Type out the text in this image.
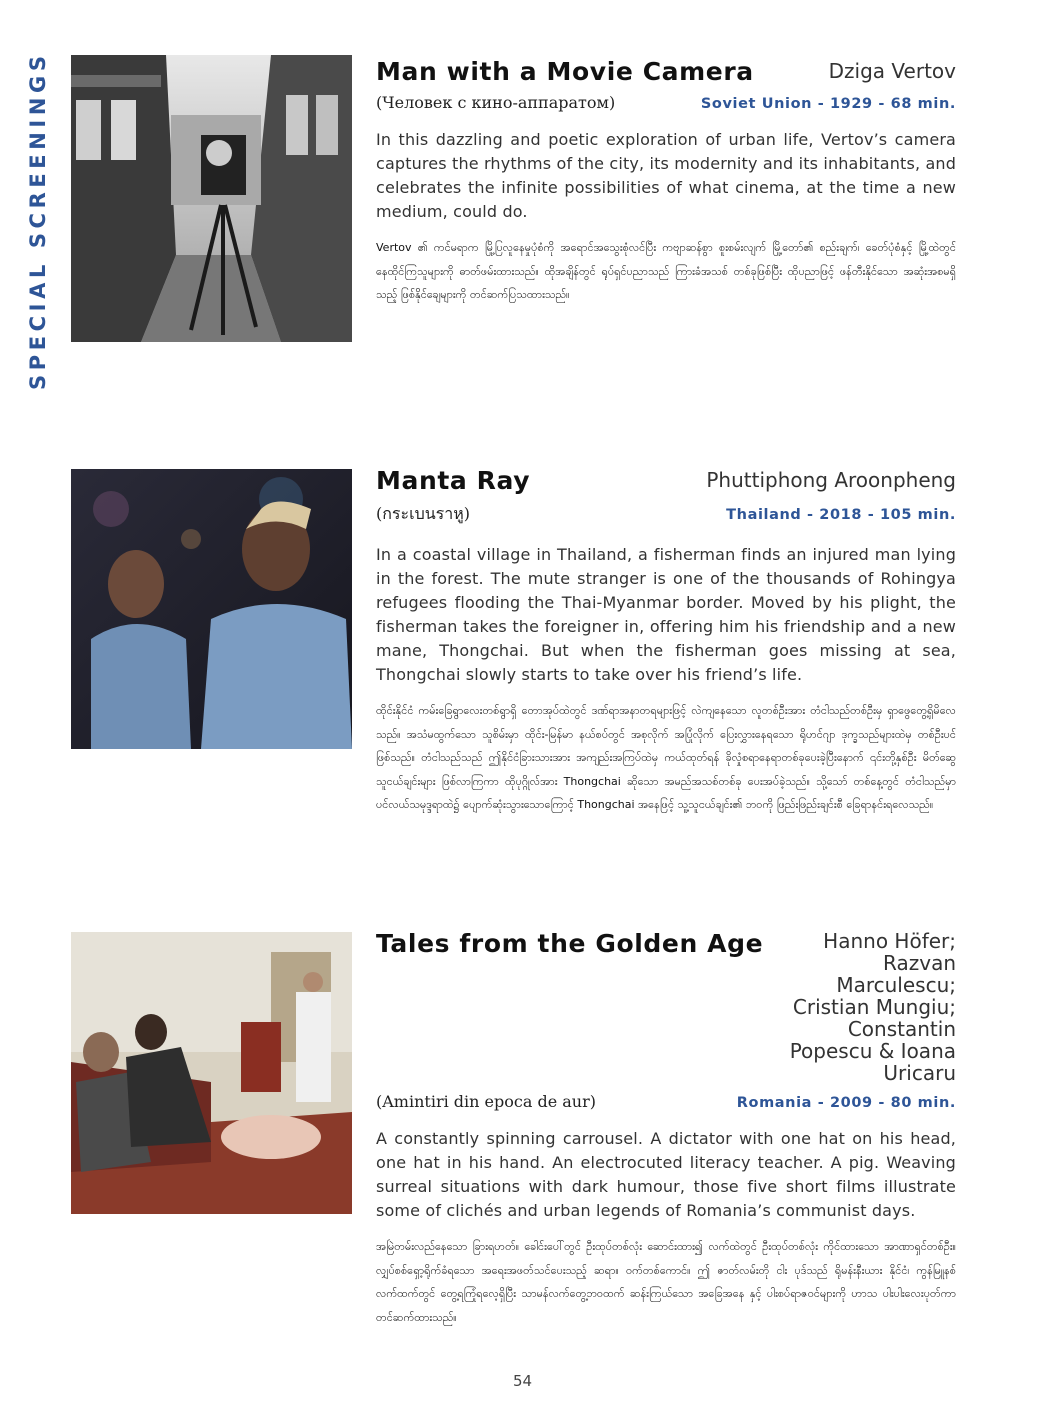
SPECIAL SCREENINGS	Man with a Movie Camera	Dziga Vertov
(Человек с кино-аппаратом)	Soviet Union - 1929 - 68 min.
In this dazzling and poetic exploration of urban life, Vertov’s camera captures the rhythms of the city, its modernity and its inhabitants, and celebrates the infinite possibilities of what cinema, at the time a new medium, could do.
Vertov ၏ ကင်မရာက မြို့ပြလူနေမှုပုံစံကို အရောင်အသွေးစုံလင်ပြီး ကဗျာဆန်စွာ စူးစမ်းလျက် မြို့တော်၏ စည်းချက်၊ ခေတ်ပုံစံနှင့် မြို့ထဲတွင် နေထိုင်ကြသူများကို ဓာတ်ဖမ်းထားသည်။ ထိုအချိန်တွင် ရုပ်ရှင်ပညာသည် ကြားခံအသစ် တစ်ခုဖြစ်ပြီး ထိုပညာဖြင့် ဖန်တီးနိုင်သော အဆုံးအစမရှိသည့် ဖြစ်နိုင်ချေများကို တင်ဆက်ပြသထားသည်။
Manta Ray	Phuttiphong Aroonpheng
(กระเบนราหู)	Thailand - 2018 - 105 min.
In a coastal village in Thailand, a fisherman finds an injured man lying in the forest. The mute stranger is one of the thousands of Rohingya refugees flooding the Thai-Myanmar border. Moved by his plight, the fisherman takes the foreigner in, offering him his friendship and a new mane, Thongchai. But when the fisherman goes missing at sea, Thongchai slowly starts to take over his friend’s life.
ထိုင်းနိုင်ငံ ကမ်းခြေရွာလေးတစ်ရွာရှိ တောအုပ်ထဲတွင် ဒဏ်ရာအနာတရများဖြင့် လဲကျနေသော လူတစ်ဦးအား တံငါသည်တစ်ဦးမှ ရှာဖွေတွေ့ရှိမိလေသည်။ အသံမထွက်သော သူစိမ်းမှာ ထိုင်း-မြန်မာ နယ်စပ်တွင် အစုလိုက် အပြုံလိုက် ပြေးလွှားနေရသော ရိုဟင်ဂျာ ဒုက္ခသည်များထဲမှ တစ်ဦးပင်ဖြစ်သည်။ တံငါသည်သည် ဤနိုင်ငံခြားသားအား အကျည်းအကြပ်ထဲမှ ကယ်ထုတ်ရန် ခိုလှုံစရာနေရာတစ်ခုပေးခဲ့ပြီးနောက် ၎င်းတို့နှစ်ဦး မိတ်ဆွေသူငယ်ချင်းများ ဖြစ်လာကြကာ ထိုပုဂ္ဂိုလ်အား Thongchai ဆိုသော အမည်အသစ်တစ်ခု ပေးအပ်ခဲ့သည်။ သို့သော် တစ်နေ့တွင် တံငါသည်မှာ ပင်လယ်သမုဒ္ဒရာထဲ၌ ပျောက်ဆုံးသွားသောကြောင့် Thongchai အနေဖြင့် သူ့သူငယ်ချင်း၏ ဘဝကို ဖြည်းဖြည်းချင်းစီ ခြေရာနင်းရလေသည်။
Tales from the Golden Age	Hanno Höfer; Razvan
Marculescu; Cristian Mungiu;
Constantin Popescu & Ioana Uricaru
(Amintiri din epoca de aur)	Romania - 2009 - 80 min.
A constantly spinning carrousel. A dictator with one hat on his head, one hat in his hand. An electrocuted literacy teacher. A pig. Weaving surreal situations with dark humour, those five short films illustrate some of clichés and urban legends of Romania’s communist days.
အမြဲတမ်းလည်နေသော ခြားရဟတ်။ ခေါင်းပေါ်တွင် ဦးထုပ်တစ်လုံး ဆောင်းထား၍ လက်ထဲတွင် ဦးထုပ်တစ်လုံး ကိုင်ထားသော အာဏာရှင်တစ်ဦး။ လျှပ်စစ်ရှော့ရိုက်ခံရသော အရေးအဖတ်သင်ပေးသည့် ဆရာ။ ဝက်တစ်ကောင်။ ဤ ဇာတ်လမ်းတို ငါး ပုဒ်သည် ရိုမန်းနီးယား နိုင်ငံ၊ ကွန်မြူနစ်လက်ထက်တွင် တွေ့ရကြုံရလေ့ရှိပြီး သာမန်လက်တွေ့ဘဝထက် ဆန်းကြယ်သော အခြေအနေ နှင့် ပါးစပ်ရာဇဝင်များကို ဟာသ ပါးပါးလေးပုတ်ကာ တင်ဆက်ထားသည်။
54
